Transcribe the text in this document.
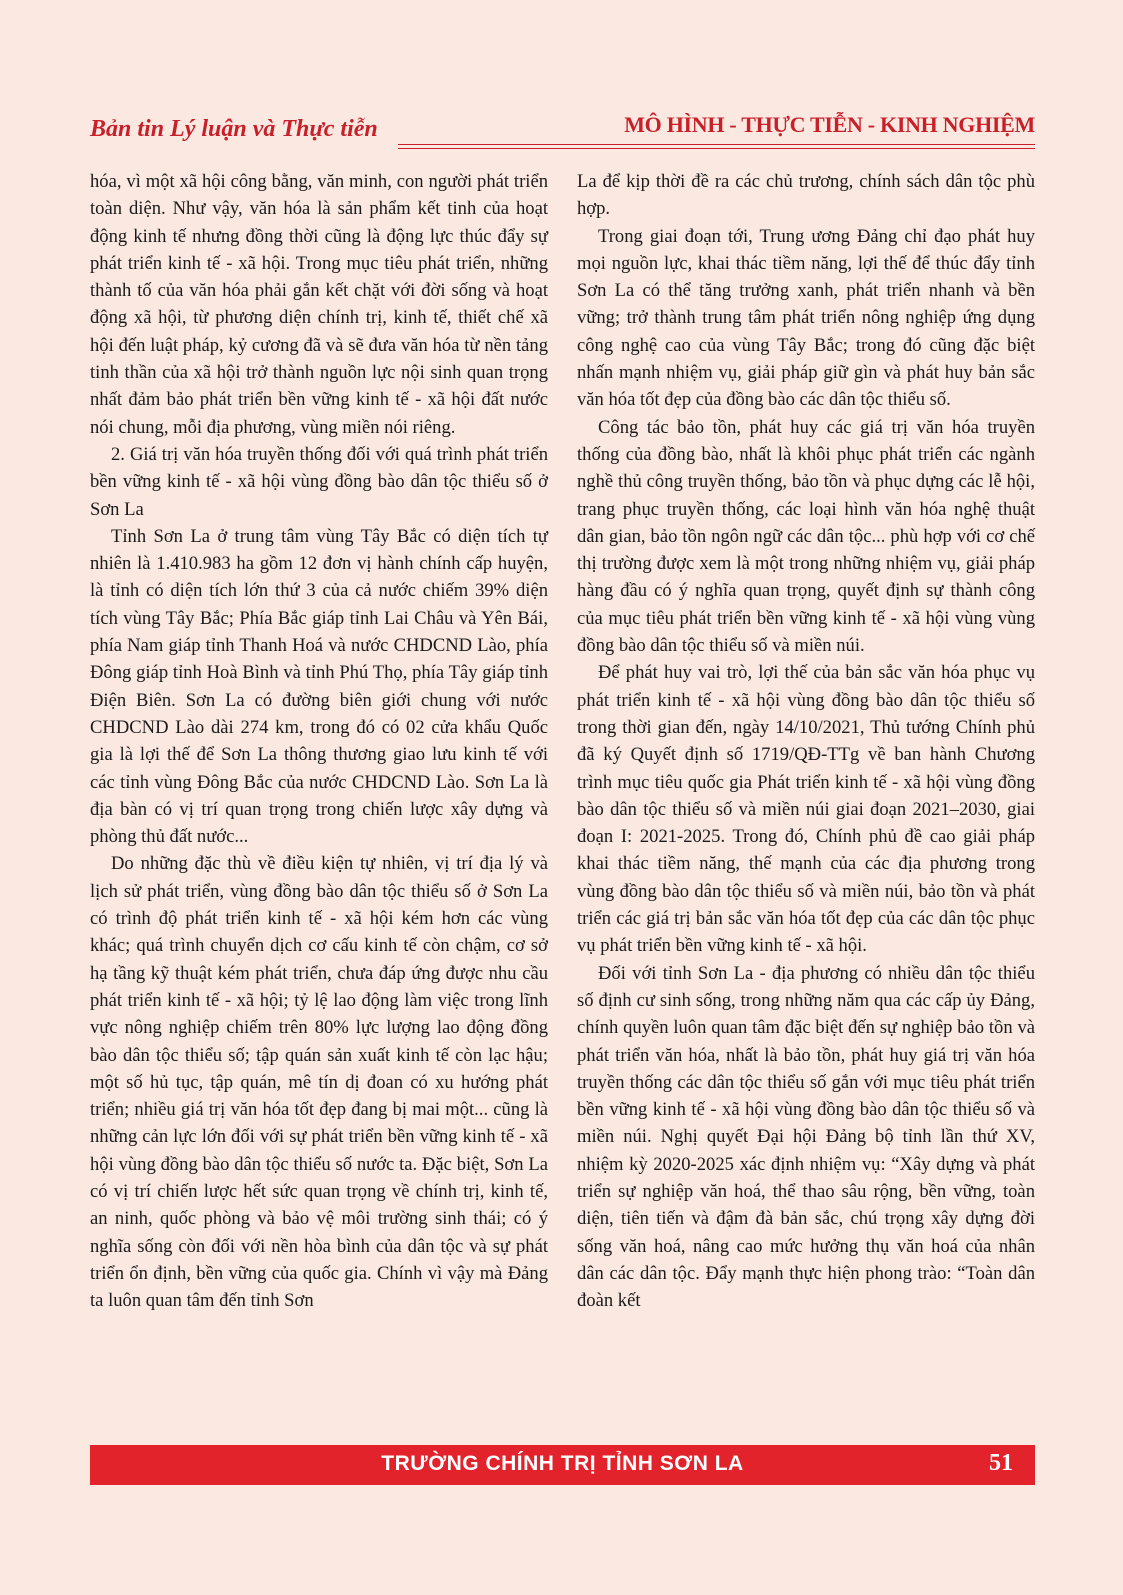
Bản tin Lý luận và Thực tiễn	MÔ HÌNH - THỰC TIỄN - KINH NGHIỆM

hóa, vì một xã hội công bằng, văn minh, con người phát triển toàn diện. Như vậy, văn hóa là sản phẩm kết tinh của hoạt động kinh tế nhưng đồng thời cũng là động lực thúc đẩy sự phát triển kinh tế - xã hội. Trong mục tiêu phát triển, những thành tố của văn hóa phải gắn kết chặt với đời sống và hoạt động xã hội, từ phương diện chính trị, kinh tế, thiết chế xã hội đến luật pháp, kỷ cương đã và sẽ đưa văn hóa từ nền tảng tinh thần của xã hội trở thành nguồn lực nội sinh quan trọng nhất đảm bảo phát triển bền vững kinh tế - xã hội đất nước nói chung, mỗi địa phương, vùng miền nói riêng.

2. Giá trị văn hóa truyền thống đối với quá trình phát triển bền vững kinh tế - xã hội vùng đồng bào dân tộc thiểu số ở Sơn La

Tỉnh Sơn La ở trung tâm vùng Tây Bắc có diện tích tự nhiên là 1.410.983 ha gồm 12 đơn vị hành chính cấp huyện, là tỉnh có diện tích lớn thứ 3 của cả nước chiếm 39% diện tích vùng Tây Bắc; Phía Bắc giáp tỉnh Lai Châu và Yên Bái, phía Nam giáp tỉnh Thanh Hoá và nước CHDCND Lào, phía Đông giáp tỉnh Hoà Bình và tỉnh Phú Thọ, phía Tây giáp tỉnh Điện Biên. Sơn La có đường biên giới chung với nước CHDCND Lào dài 274 km, trong đó có 02 cửa khẩu Quốc gia là lợi thế để Sơn La thông thương giao lưu kinh tế với các tỉnh vùng Đông Bắc của nước CHDCND Lào. Sơn La là địa bàn có vị trí quan trọng trong chiến lược xây dựng và phòng thủ đất nước...

Do những đặc thù về điều kiện tự nhiên, vị trí địa lý và lịch sử phát triển, vùng đồng bào dân tộc thiểu số ở Sơn La có trình độ phát triển kinh tế - xã hội kém hơn các vùng khác; quá trình chuyển dịch cơ cấu kinh tế còn chậm, cơ sở hạ tầng kỹ thuật kém phát triển, chưa đáp ứng được nhu cầu phát triển kinh tế - xã hội; tỷ lệ lao động làm việc trong lĩnh vực nông nghiệp chiếm trên 80% lực lượng lao động đồng bào dân tộc thiểu số; tập quán sản xuất kinh tế còn lạc hậu; một số hủ tục, tập quán, mê tín dị đoan có xu hướng phát triển; nhiều giá trị văn hóa tốt đẹp đang bị mai một... cũng là những cản lực lớn đối với sự phát triển bền vững kinh tế - xã hội vùng đồng bào dân tộc thiểu số nước ta. Đặc biệt, Sơn La có vị trí chiến lược hết sức quan trọng về chính trị, kinh tế, an ninh, quốc phòng và bảo vệ môi trường sinh thái; có ý nghĩa sống còn đối với nền hòa bình của dân tộc và sự phát triển ổn định, bền vững của quốc gia. Chính vì vậy mà Đảng ta luôn quan tâm đến tỉnh Sơn

La để kịp thời đề ra các chủ trương, chính sách dân tộc phù hợp.

Trong giai đoạn tới, Trung ương Đảng chỉ đạo phát huy mọi nguồn lực, khai thác tiềm năng, lợi thế để thúc đẩy tỉnh Sơn La có thể tăng trưởng xanh, phát triển nhanh và bền vững; trở thành trung tâm phát triển nông nghiệp ứng dụng công nghệ cao của vùng Tây Bắc; trong đó cũng đặc biệt nhấn mạnh nhiệm vụ, giải pháp giữ gìn và phát huy bản sắc văn hóa tốt đẹp của đồng bào các dân tộc thiểu số.

Công tác bảo tồn, phát huy các giá trị văn hóa truyền thống của đồng bào, nhất là khôi phục phát triển các ngành nghề thủ công truyền thống, bảo tồn và phục dựng các lễ hội, trang phục truyền thống, các loại hình văn hóa nghệ thuật dân gian, bảo tồn ngôn ngữ các dân tộc... phù hợp với cơ chế thị trường được xem là một trong những nhiệm vụ, giải pháp hàng đầu có ý nghĩa quan trọng, quyết định sự thành công của mục tiêu phát triển bền vững kinh tế - xã hội vùng vùng đồng bào dân tộc thiểu số và miền núi.

Để phát huy vai trò, lợi thế của bản sắc văn hóa phục vụ phát triển kinh tế - xã hội vùng đồng bào dân tộc thiểu số trong thời gian đến, ngày 14/10/2021, Thủ tướng Chính phủ đã ký Quyết định số 1719/QĐ-TTg về ban hành Chương trình mục tiêu quốc gia Phát triển kinh tế - xã hội vùng đồng bào dân tộc thiểu số và miền núi giai đoạn 2021–2030, giai đoạn I: 2021-2025. Trong đó, Chính phủ đề cao giải pháp khai thác tiềm năng, thế mạnh của các địa phương trong vùng đồng bào dân tộc thiểu số và miền núi, bảo tồn và phát triển các giá trị bản sắc văn hóa tốt đẹp của các dân tộc phục vụ phát triển bền vững kinh tế - xã hội.

Đối với tỉnh Sơn La - địa phương có nhiều dân tộc thiểu số định cư sinh sống, trong những năm qua các cấp ủy Đảng, chính quyền luôn quan tâm đặc biệt đến sự nghiệp bảo tồn và phát triển văn hóa, nhất là bảo tồn, phát huy giá trị văn hóa truyền thống các dân tộc thiểu số gắn với mục tiêu phát triển bền vững kinh tế - xã hội vùng đồng bào dân tộc thiểu số và miền núi. Nghị quyết Đại hội Đảng bộ tỉnh lần thứ XV, nhiệm kỳ 2020-2025 xác định nhiệm vụ: “Xây dựng và phát triển sự nghiệp văn hoá, thể thao sâu rộng, bền vững, toàn diện, tiên tiến và đậm đà bản sắc, chú trọng xây dựng đời sống văn hoá, nâng cao mức hưởng thụ văn hoá của nhân dân các dân tộc. Đẩy mạnh thực hiện phong trào: “Toàn dân đoàn kết

TRƯỜNG CHÍNH TRỊ TỈNH SƠN LA	51
